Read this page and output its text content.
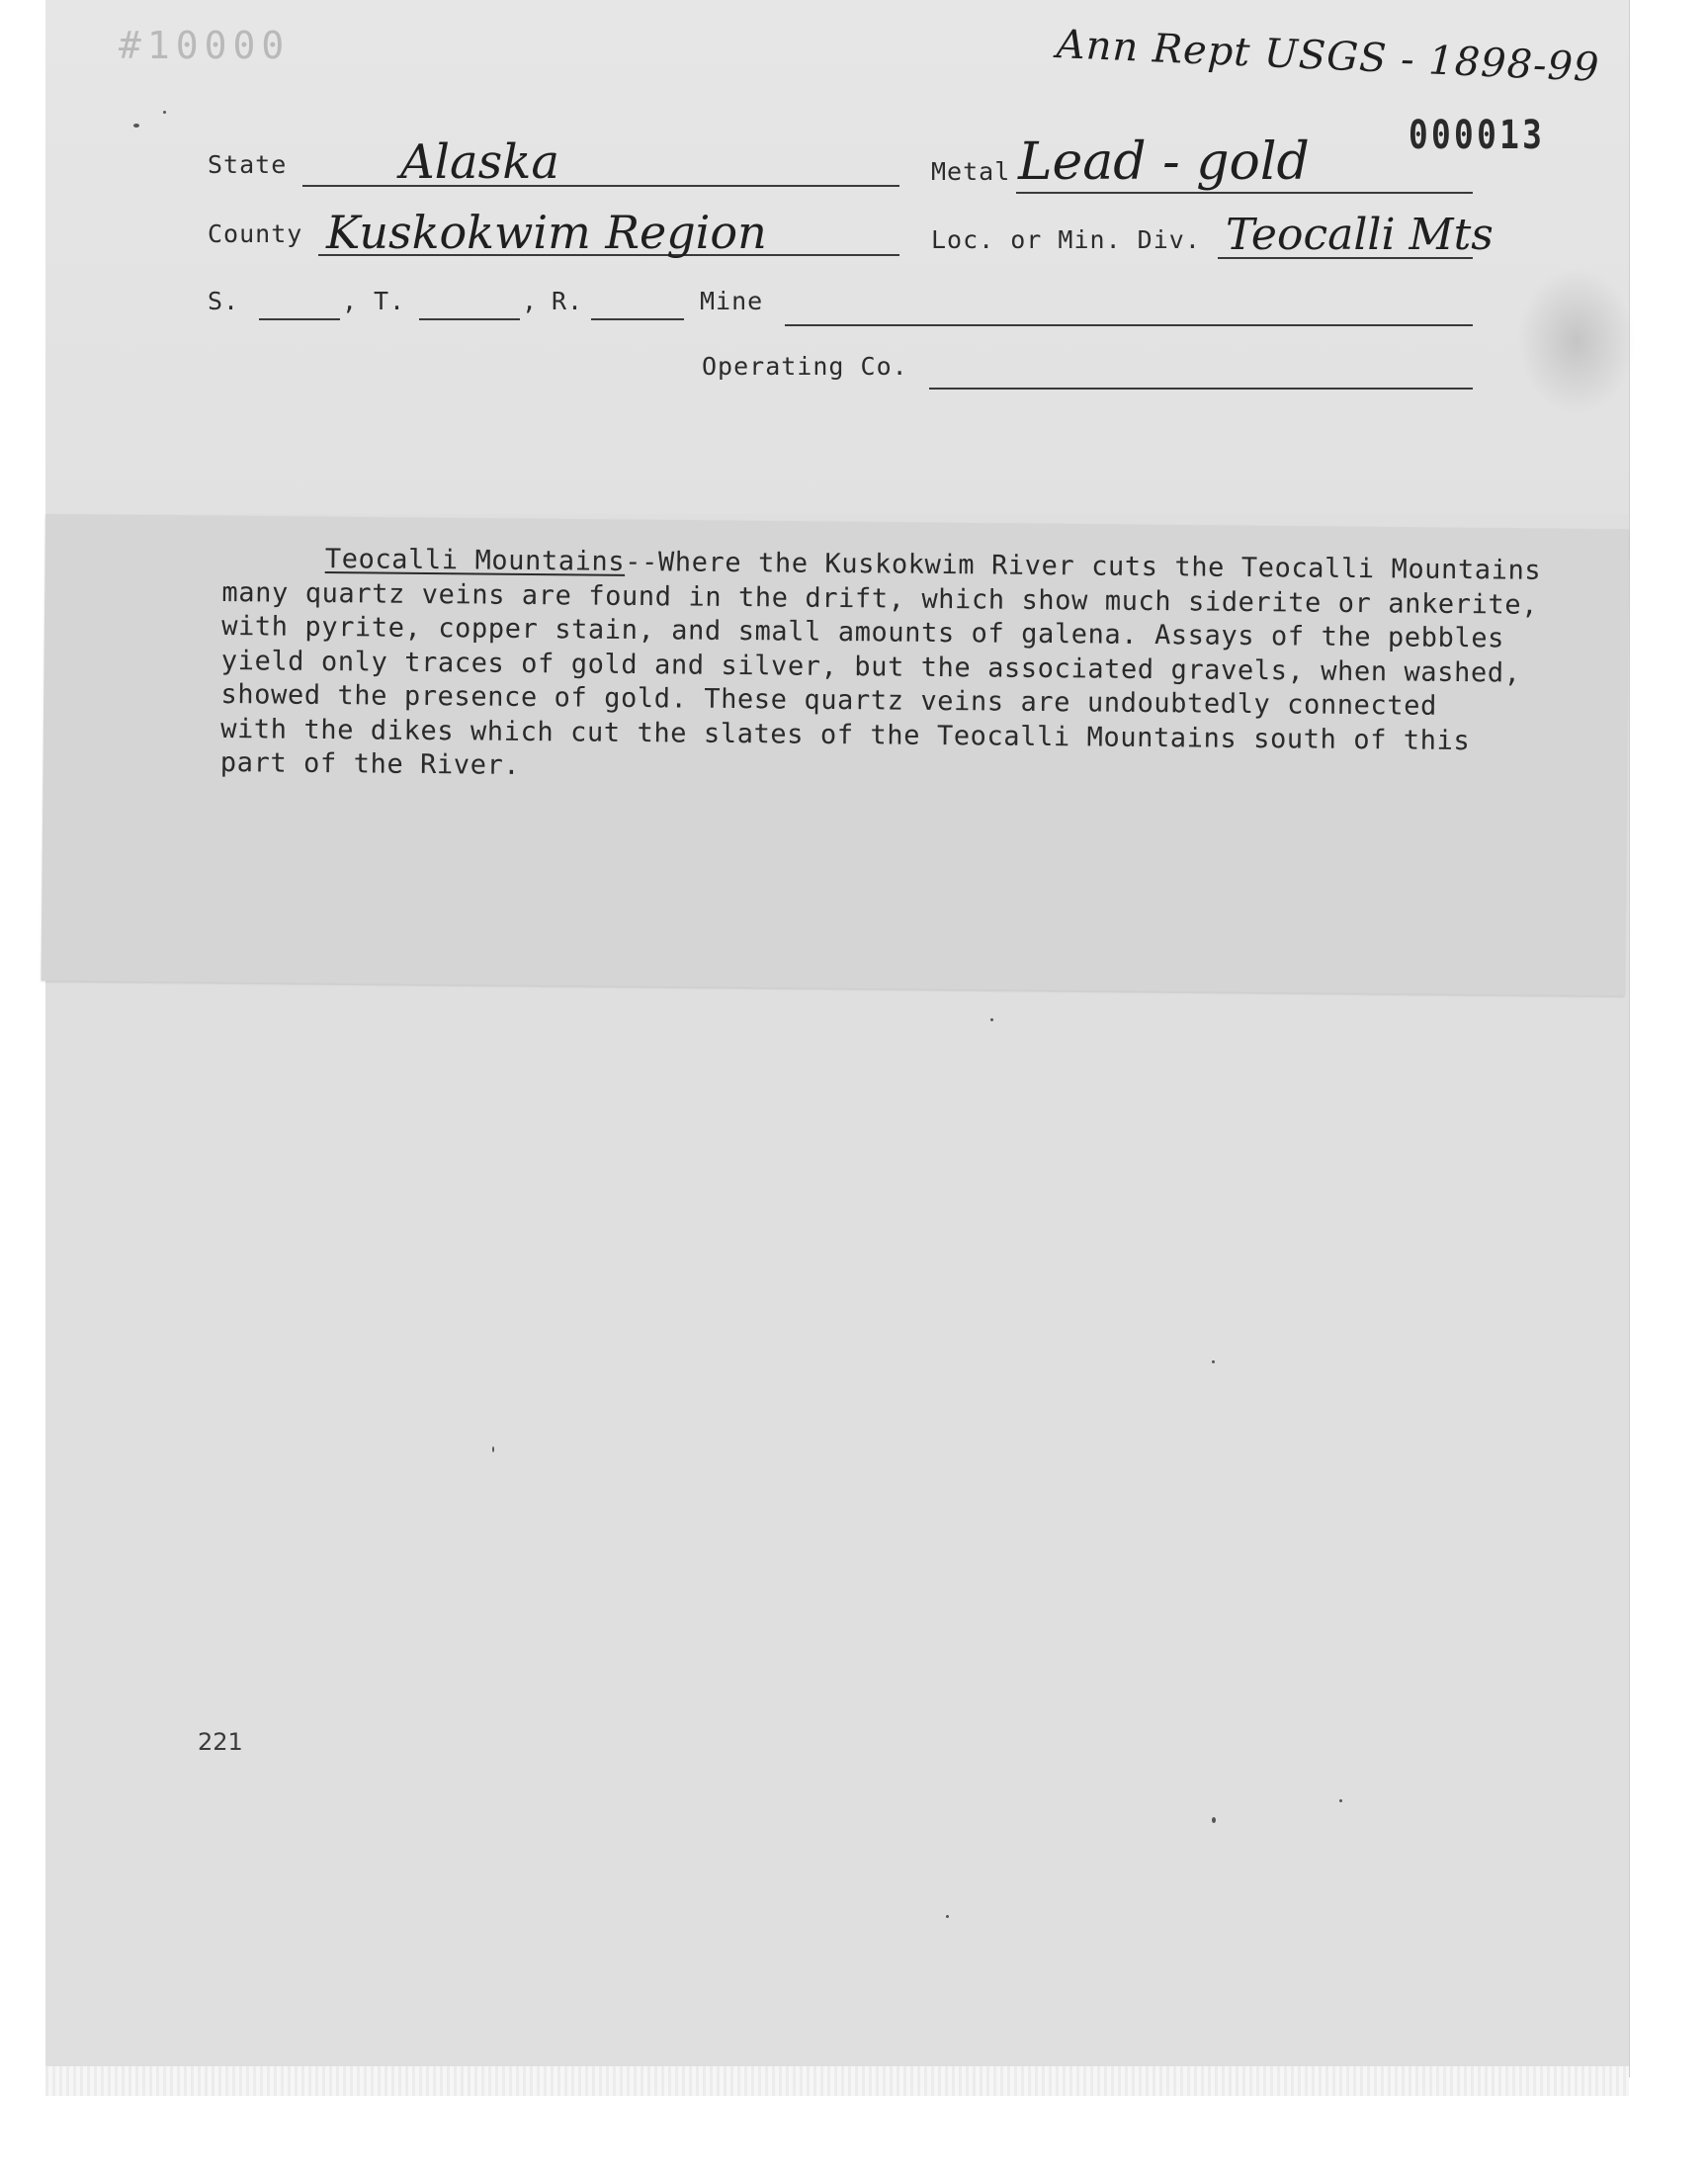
#10000
000013
Ann Rept USGS - 1898-99
State Alaska	Metal Lead - gold
County Kuskokwim Region	Loc. or Min. Div. Teocalli Mts
S.	, T.	, R.	Mine
Operating Co.

Teocalli Mountains--Where the Kuskokwim River cuts the Teocalli Mountains

many quartz veins are found in the drift, which show much siderite or ankerite,

with pyrite, copper stain, and small amounts of galena. Assays of the pebbles

yield only traces of gold and silver, but the associated gravels, when washed,

showed the presence of gold. These quartz veins are undoubtedly connected

with the dikes which cut the slates of the Teocalli Mountains south of this

part of the River.

221
